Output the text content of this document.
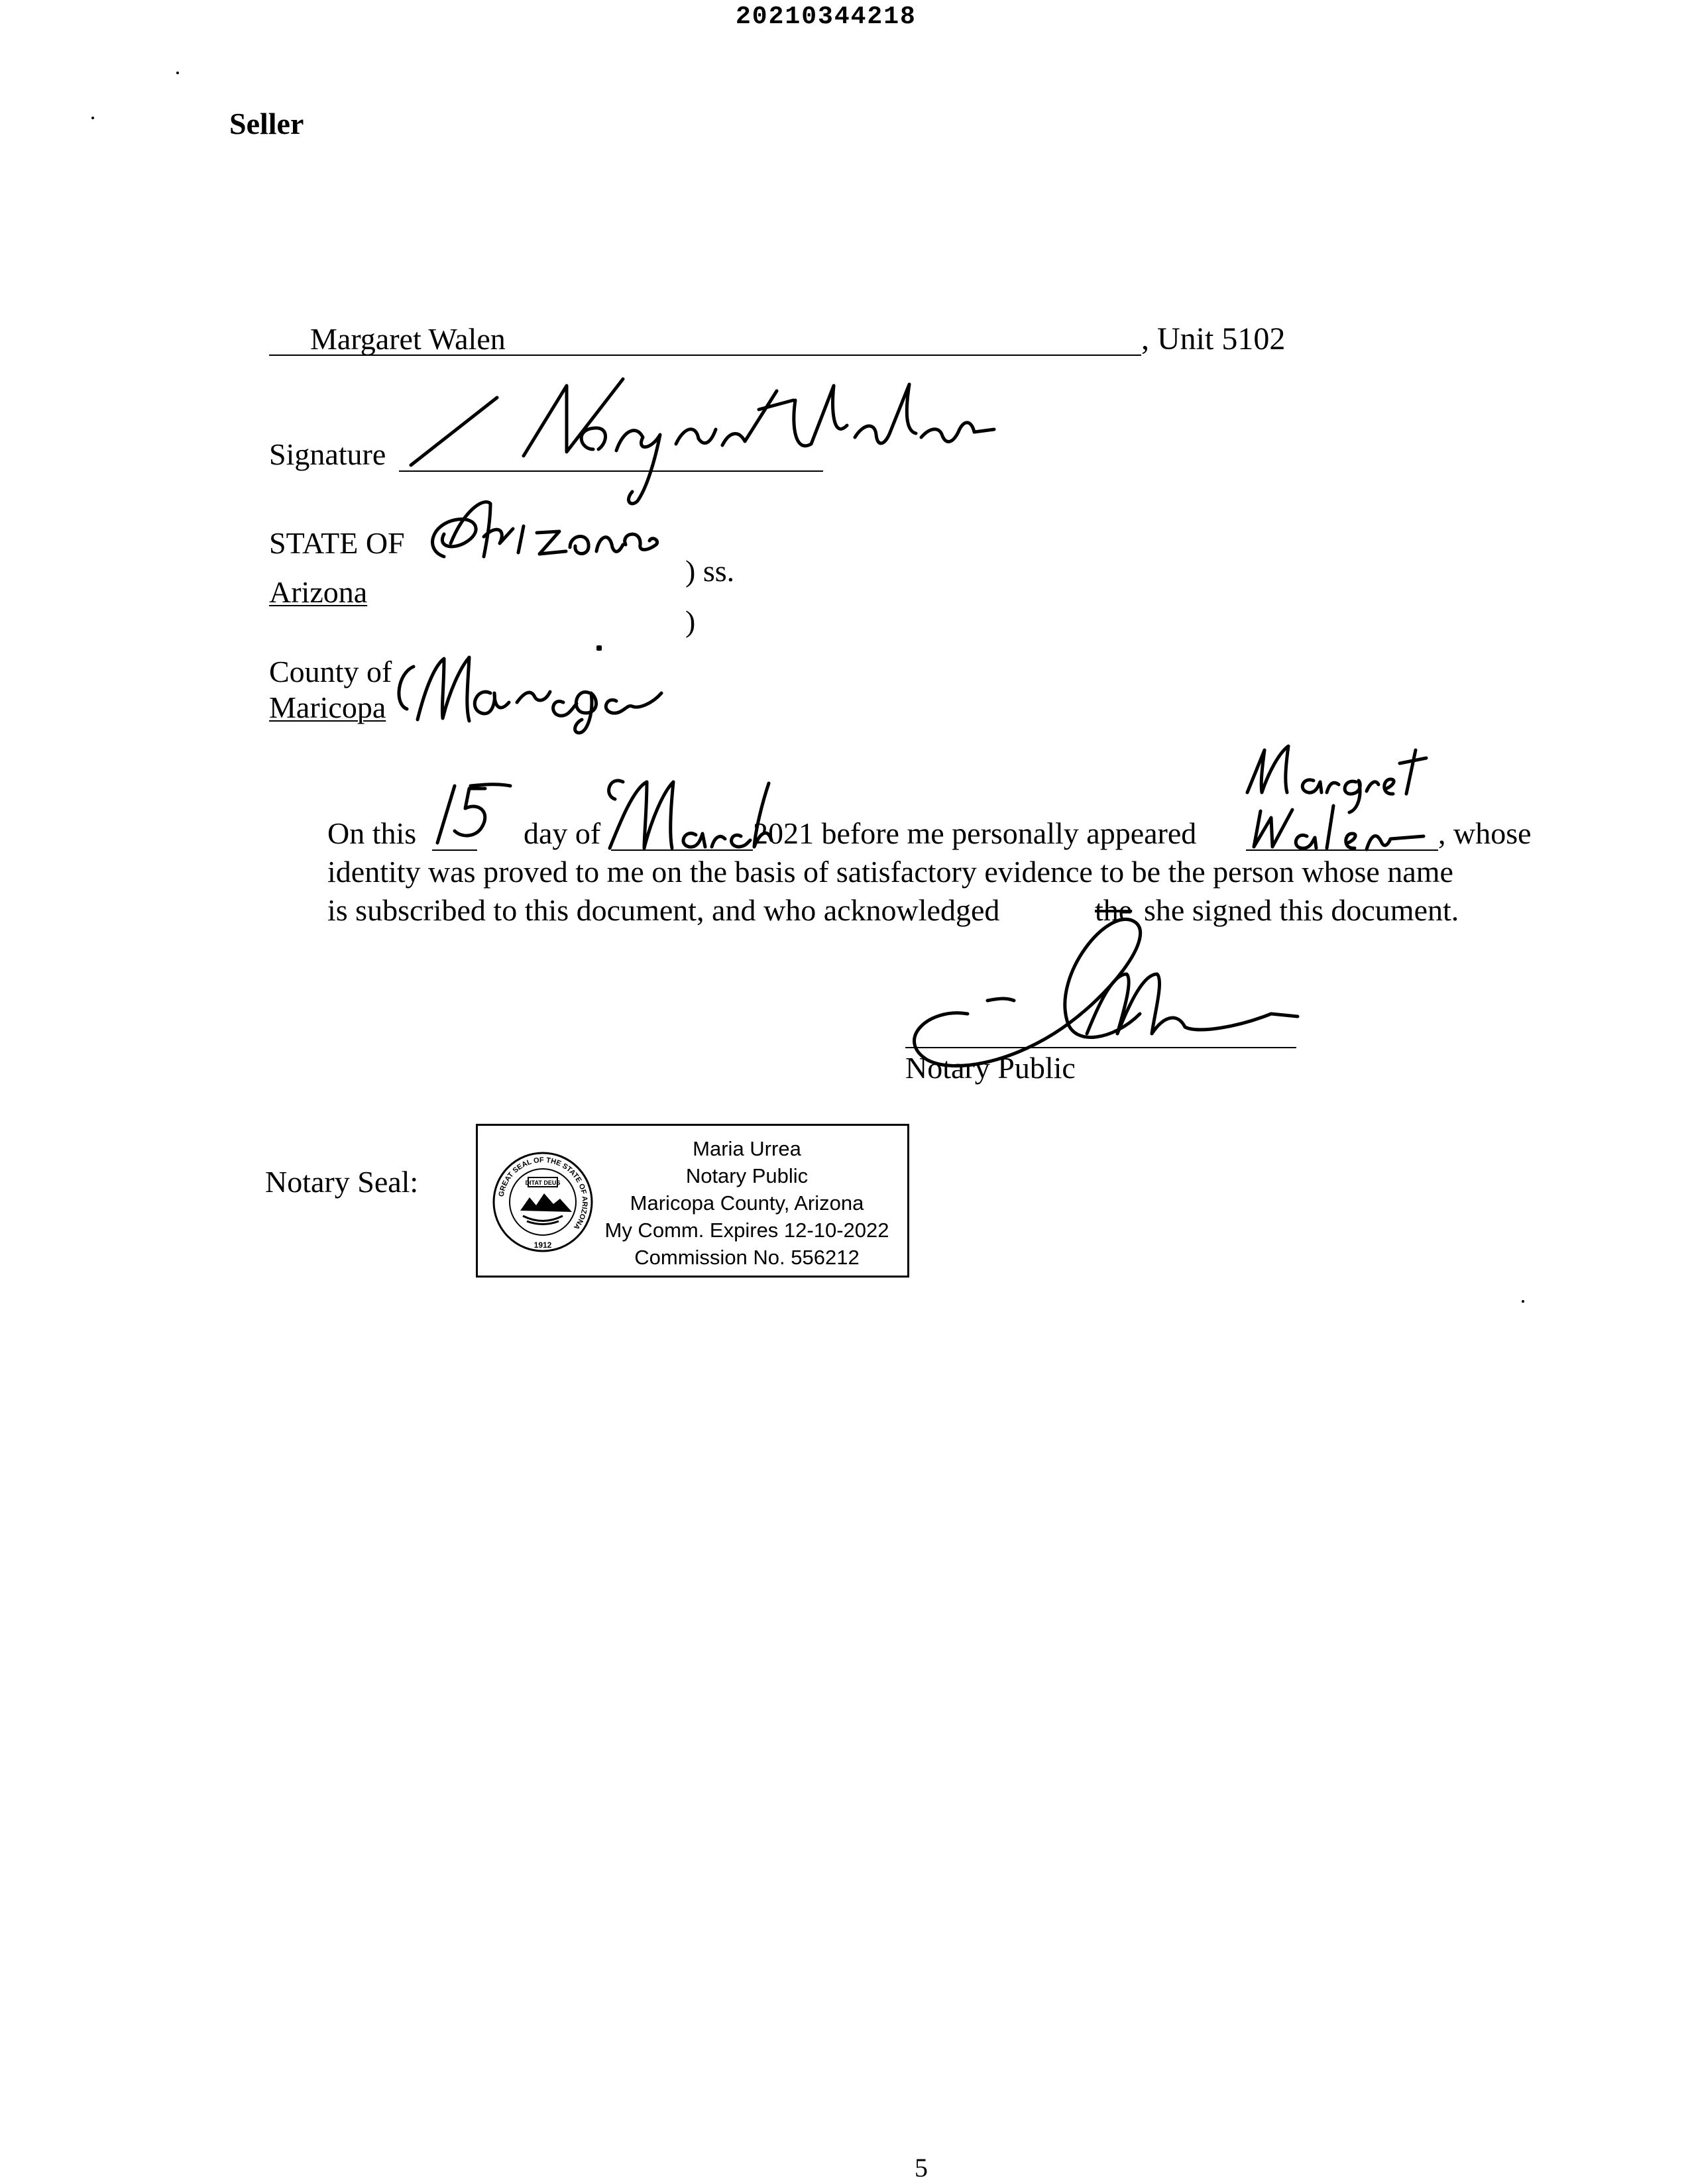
20210344218
Seller
Margaret Walen	, Unit 5102
Signature
STATE OF
Arizona
) ss.
)
County of
Maricopa
On this	day of	2021 before me personally appeared	, whose
identity was proved to me on the basis of satisfactory evidence to be the person whose name
is subscribed to this document, and who acknowledged	the she signed this document.
Notary Public
Notary Seal:	GREAT SEAL OF THE STATE OF ARIZONA
DITAT DEUS
1912
Maria Urrea
Notary Public
Maricopa County, Arizona
My Comm. Expires 12-10-2022
Commission No. 556212
5
